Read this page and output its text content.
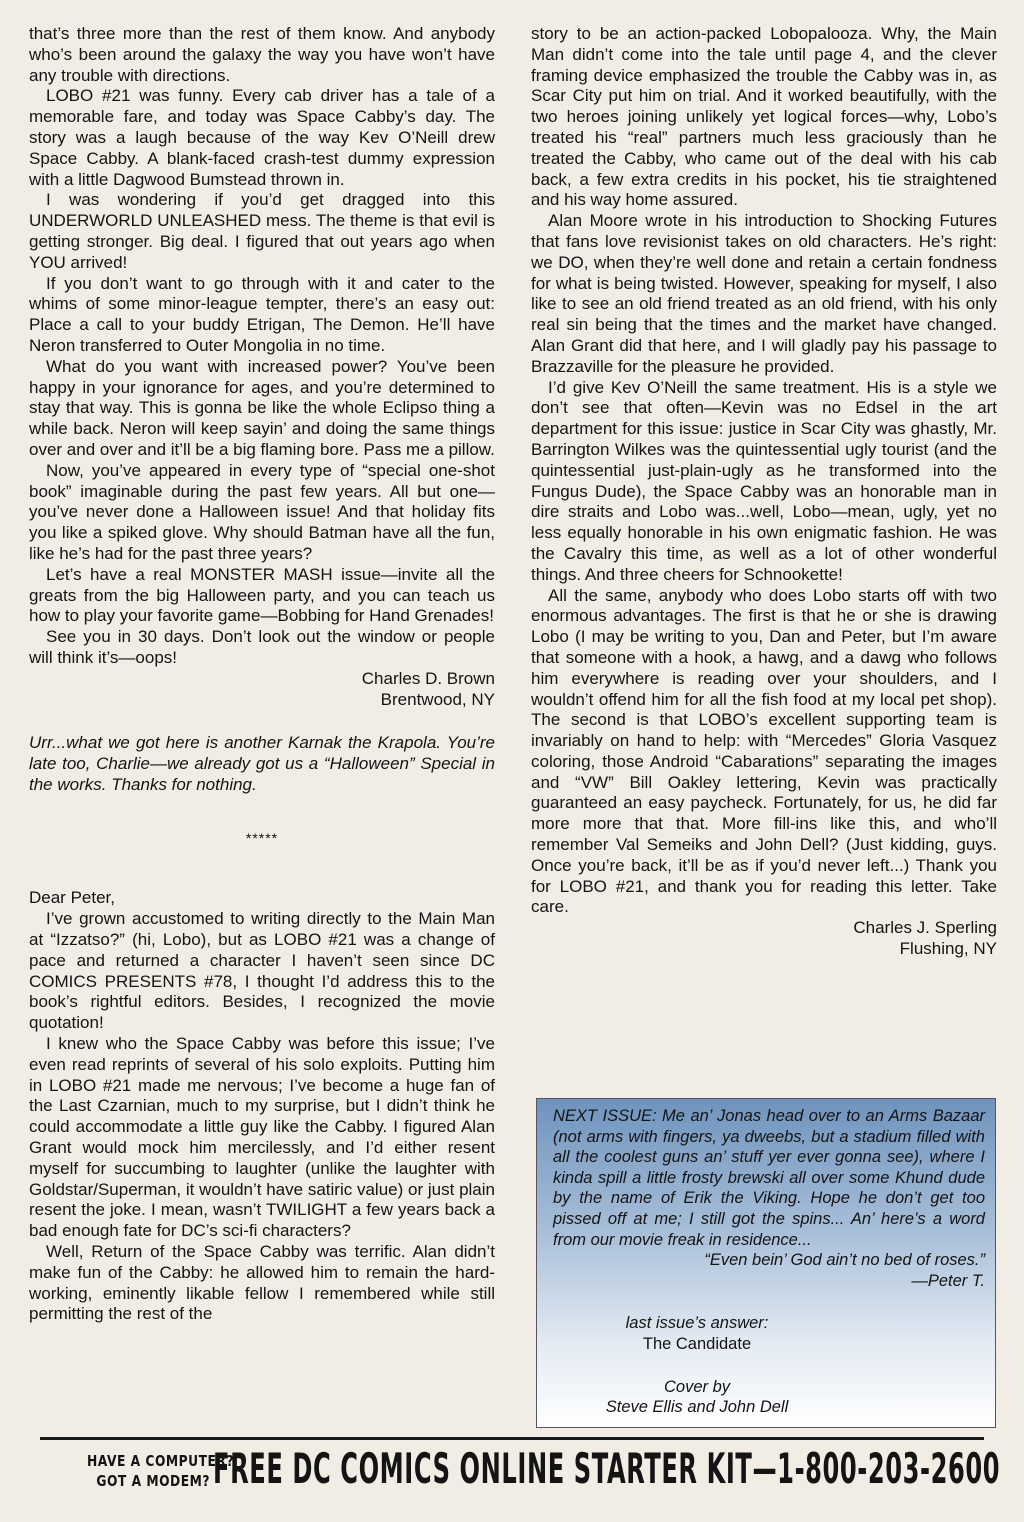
that’s three more than the rest of them know. And anybody who’s been around the galaxy the way you have won’t have any trouble with directions.

LOBO #21 was funny. Every cab driver has a tale of a memorable fare, and today was Space Cabby’s day. The story was a laugh because of the way Kev O’Neill drew Space Cabby. A blank-faced crash-test dummy expression with a little Dagwood Bumstead thrown in.

I was wondering if you’d get dragged into this UNDERWORLD UNLEASHED mess. The theme is that evil is getting stronger. Big deal. I figured that out years ago when YOU arrived!

If you don’t want to go through with it and cater to the whims of some minor-league tempter, there’s an easy out: Place a call to your buddy Etrigan, The Demon. He’ll have Neron transferred to Outer Mongolia in no time.

What do you want with increased power? You’ve been happy in your ignorance for ages, and you’re determined to stay that way. This is gonna be like the whole Eclipso thing a while back. Neron will keep sayin’ and doing the same things over and over and it’ll be a big flaming bore. Pass me a pillow.

Now, you’ve appeared in every type of “special one-shot book” imaginable during the past few years. All but one—you’ve never done a Halloween issue! And that holiday fits you like a spiked glove. Why should Batman have all the fun, like he’s had for the past three years?

Let’s have a real MONSTER MASH issue—invite all the greats from the big Halloween party, and you can teach us how to play your favorite game—Bobbing for Hand Grenades!

See you in 30 days. Don’t look out the window or people will think it’s—oops!

Charles D. Brown

Brentwood, NY

Urr...what we got here is another Karnak the Krapola. You’re late too, Charlie—we already got us a “Halloween” Special in the works. Thanks for nothing.

*****

Dear Peter,

I’ve grown accustomed to writing directly to the Main Man at “Izzatso?” (hi, Lobo), but as LOBO #21 was a change of pace and returned a character I haven’t seen since DC COMICS PRESENTS #78, I thought I’d address this to the book’s rightful editors. Besides, I recognized the movie quotation!

I knew who the Space Cabby was before this issue; I’ve even read reprints of several of his solo exploits. Putting him in LOBO #21 made me nervous; I’ve become a huge fan of the Last Czarnian, much to my surprise, but I didn’t think he could accommodate a little guy like the Cabby. I figured Alan Grant would mock him mercilessly, and I’d either resent myself for succumbing to laughter (unlike the laughter with Goldstar/Superman, it wouldn’t have satiric value) or just plain resent the joke. I mean, wasn’t TWILIGHT a few years back a bad enough fate for DC’s sci-fi characters?

Well, Return of the Space Cabby was terrific. Alan didn’t make fun of the Cabby: he allowed him to remain the hard-working, eminently likable fellow I remembered while still permitting the rest of the

story to be an action-packed Lobopalooza. Why, the Main Man didn’t come into the tale until page 4, and the clever framing device emphasized the trouble the Cabby was in, as Scar City put him on trial. And it worked beautifully, with the two heroes joining unlikely yet logical forces—why, Lobo’s treated his “real” partners much less graciously than he treated the Cabby, who came out of the deal with his cab back, a few extra credits in his pocket, his tie straightened and his way home assured.

Alan Moore wrote in his introduction to Shocking Futures that fans love revisionist takes on old characters. He’s right: we DO, when they’re well done and retain a certain fondness for what is being twisted. However, speaking for myself, I also like to see an old friend treated as an old friend, with his only real sin being that the times and the market have changed. Alan Grant did that here, and I will gladly pay his passage to Brazzaville for the pleasure he provided.

I’d give Kev O’Neill the same treatment. His is a style we don’t see that often—Kevin was no Edsel in the art department for this issue: justice in Scar City was ghastly, Mr. Barrington Wilkes was the quintessential ugly tourist (and the quintessential just-plain-ugly as he transformed into the Fungus Dude), the Space Cabby was an honorable man in dire straits and Lobo was...well, Lobo—mean, ugly, yet no less equally honorable in his own enigmatic fashion. He was the Cavalry this time, as well as a lot of other wonderful things. And three cheers for Schnookette!

All the same, anybody who does Lobo starts off with two enormous advantages. The first is that he or she is drawing Lobo (I may be writing to you, Dan and Peter, but I’m aware that someone with a hook, a hawg, and a dawg who follows him everywhere is reading over your shoulders, and I wouldn’t offend him for all the fish food at my local pet shop). The second is that LOBO’s excellent supporting team is invariably on hand to help: with “Mercedes” Gloria Vasquez coloring, those Android “Cabarations” separating the images and “VW” Bill Oakley lettering, Kevin was practically guaranteed an easy paycheck. Fortunately, for us, he did far more more that that. More fill-ins like this, and who’ll remember Val Semeiks and John Dell? (Just kidding, guys. Once you’re back, it’ll be as if you’d never left...) Thank you for LOBO #21, and thank you for reading this letter. Take care.

Charles J. Sperling

Flushing, NY

NEXT ISSUE: Me an’ Jonas head over to an Arms Bazaar (not arms with fingers, ya dweebs, but a stadium filled with all the coolest guns an’ stuff yer ever gonna see), where I kinda spill a little frosty brewski all over some Khund dude by the name of Erik the Viking. Hope he don’t get too pissed off at me; I still got the spins... An’ here’s a word from our movie freak in residence...
“Even bein’ God ain’t no bed of roses.”
—Peter T.
last issue’s answer:
The Candidate
Cover by
Steve Ellis and John Dell
HAVE A COMPUTER?
GOT A MODEM? FREE DC COMICS ONLINE STARTER KIT—1-800-203-2600
